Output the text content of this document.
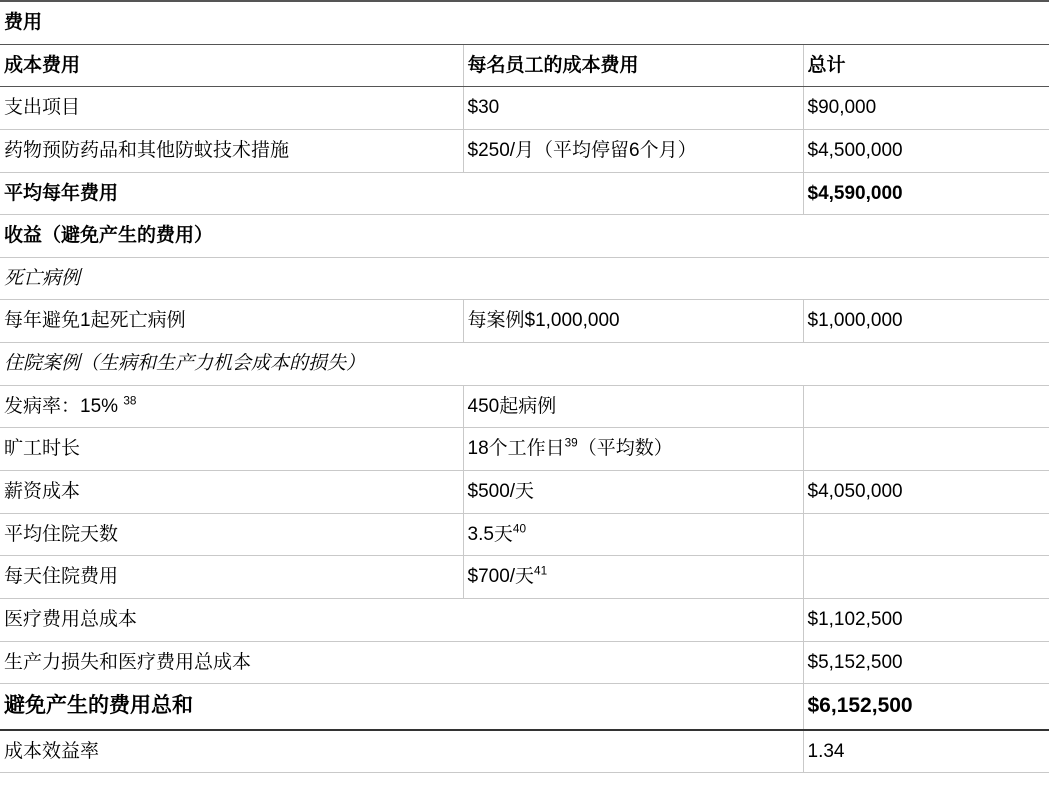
费用		
成本费用	每名员工的成本费用	总计
支出项目	$30	$90,000
药物预防药品和其他防蚊技术措施	$250/月（平均停留6个月）	$4,500,000
平均每年费用		$4,590,000
收益（避免产生的费用）		
死亡病例		
每年避免1起死亡病例	每案例$1,000,000	$1,000,000
住院案例（生病和生产力机会成本的损失）		
发病率：15% $^{38}$	450起病例	
旷工时长	18个工作日$^{39}$（平均数）	
薪资成本	$500/天	$4,050,000
平均住院天数	3.5天$^{40}$	
每天住院费用	$700/天$^{41}$	
医疗费用总成本		$1,102,500
生产力损失和医疗费用总成本		$5,152,500
避免产生的费用总和		$6,152,500
成本效益率		1.34
